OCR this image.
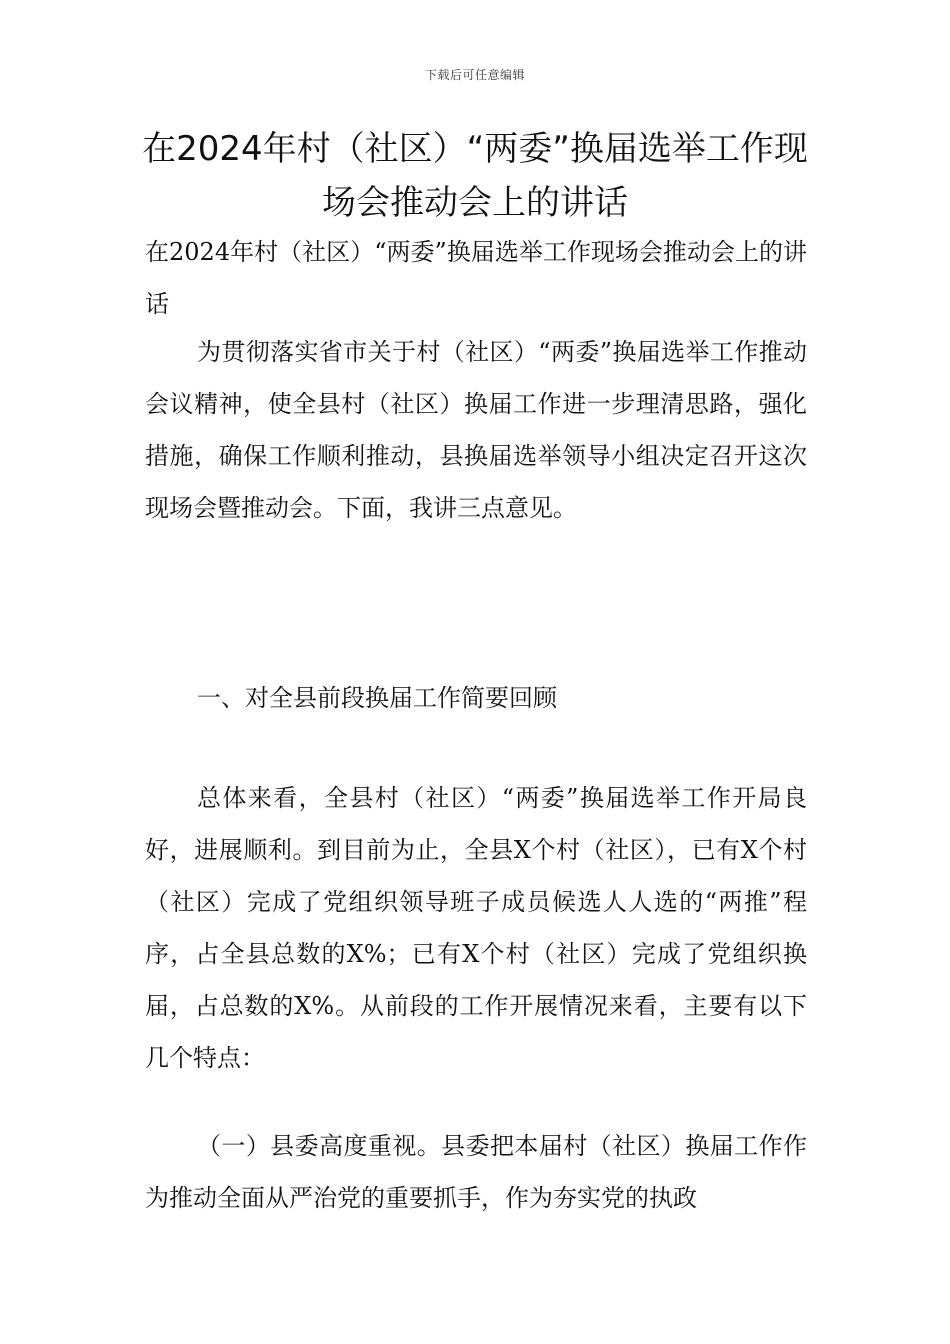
下载后可任意编辑
在2024年村（社区）“两委”换届选举工作现场会推动会上的讲话

在2024年村（社区）“两委”换届选举工作现场会推动会上的讲话

为贯彻落实省市关于村（社区）“两委”换届选举工作推动会议精神，使全县村（社区）换届工作进一步理清思路，强化措施，确保工作顺利推动，县换届选举领导小组决定召开这次现场会暨推动会。下面，我讲三点意见。

一、对全县前段换届工作简要回顾

总体来看，全县村（社区）“两委”换届选举工作开局良好，进展顺利。到目前为止，全县X个村（社区），已有X个村（社区）完成了党组织领导班子成员候选人人选的“两推”程序，占全县总数的X%；已有X个村（社区）完成了党组织换届，占总数的X%。从前段的工作开展情况来看，主要有以下几个特点：

（一）县委高度重视。县委把本届村（社区）换届工作作为推动全面从严治党的重要抓手，作为夯实党的执政
